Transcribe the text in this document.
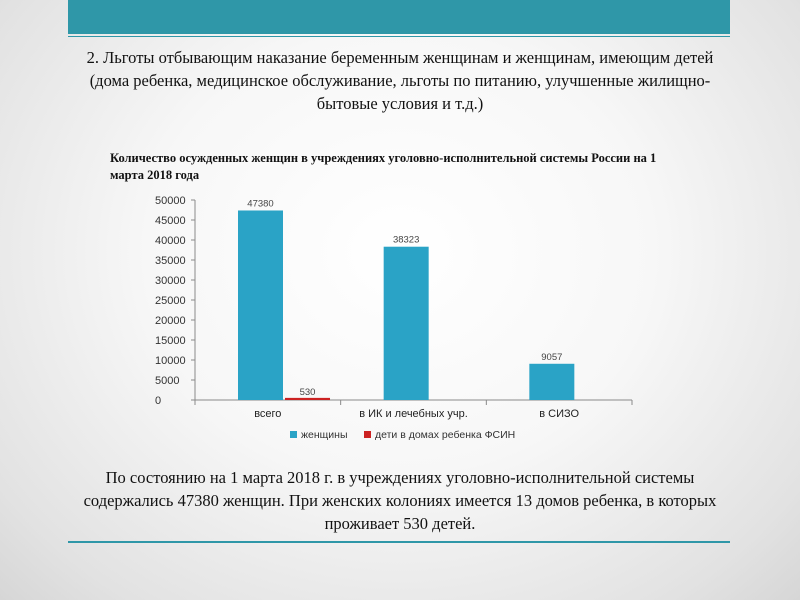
2. Льготы отбывающим наказание беременным женщинам и женщинам, имеющим детей (дома ребенка, медицинское обслуживание, льготы по питанию, улучшенные жилищно-бытовые условия и т.д.)
Количество осужденных женщин в учреждениях уголовно-исполнительной системы России на 1 марта 2018 года
0
5000
10000
15000
20000
25000
30000
35000
40000
45000
50000
всего
47380
530
в ИК и лечебных учр.
38323
в СИЗО
9057
женщины	дети в домах ребенка ФСИН
По состоянию на 1 марта 2018 г. в учреждениях уголовно-исполнительной системы содержались 47380 женщин. При женских колониях имеется 13 домов ребенка, в которых проживает 530 детей.
